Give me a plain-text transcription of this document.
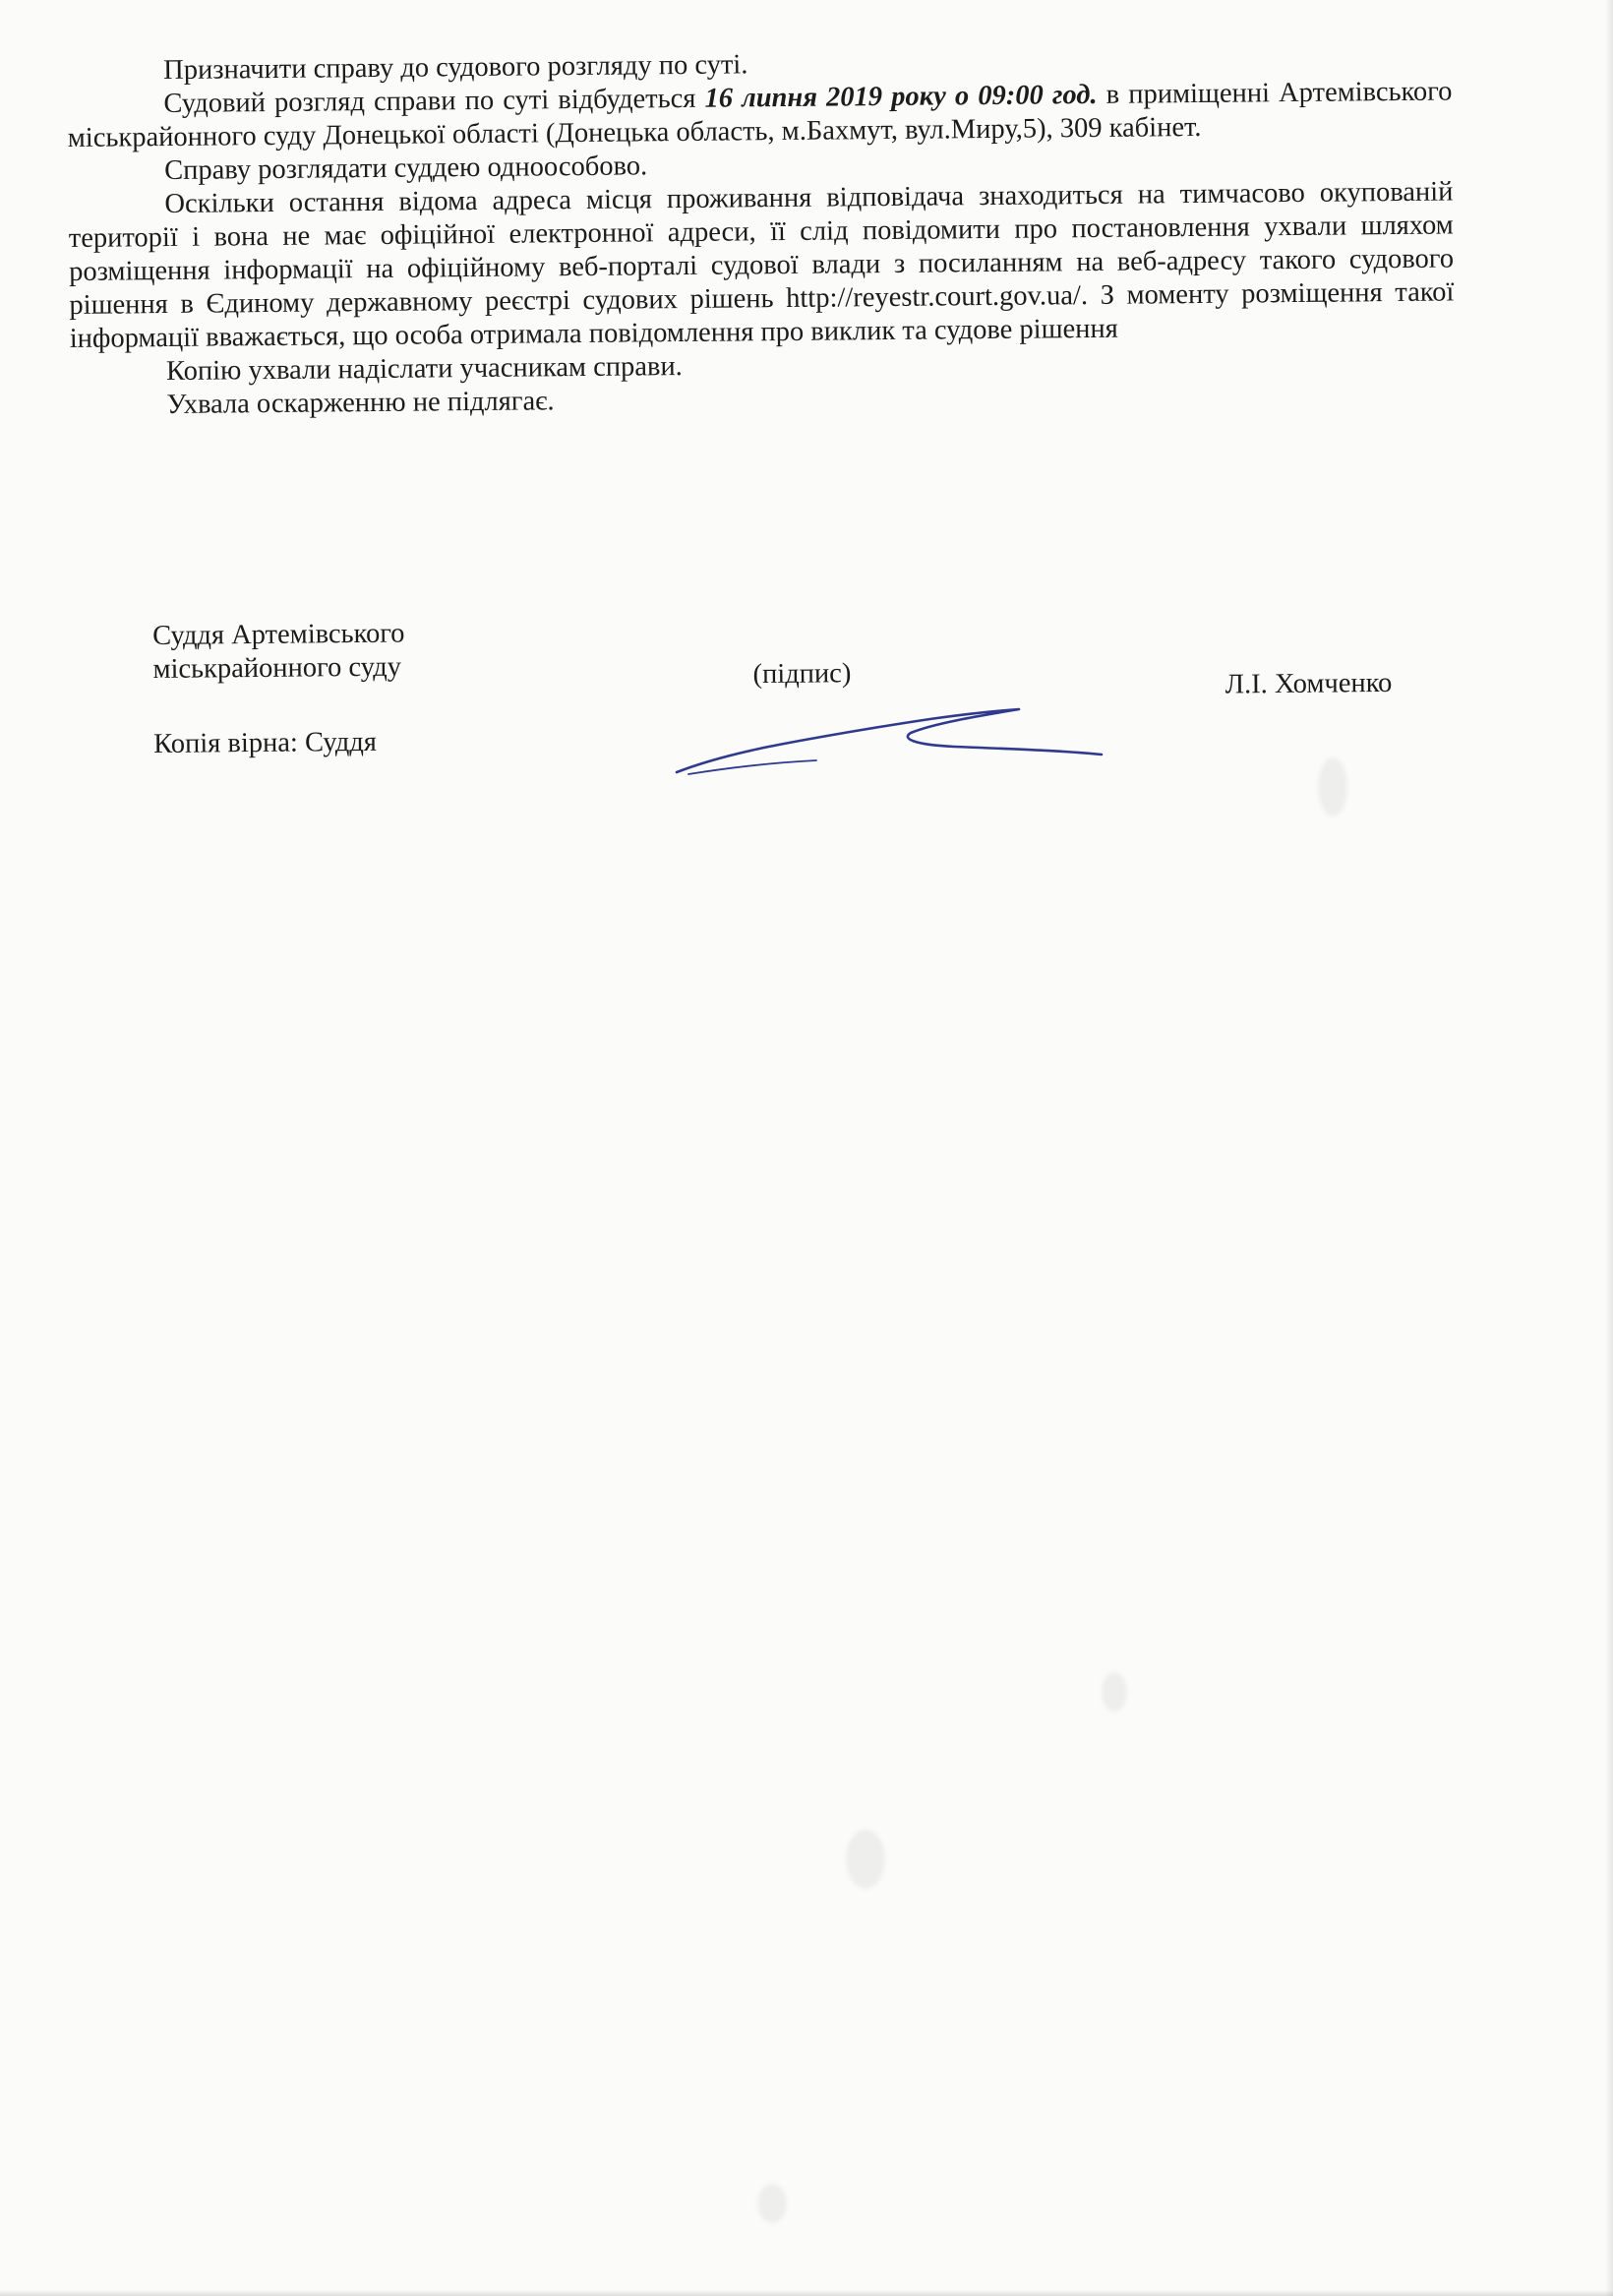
Призначити справу до судового розгляду по суті.

Судовий розгляд справи по суті відбудеться 16 липня 2019 року о 09:00 год. в приміщенні Артемівського міськрайонного суду Донецької області (Донецька область, м.Бахмут, вул.Миру,5), 309 кабінет.

Справу розглядати суддею одноособово.

Оскільки остання відома адреса місця проживання відповідача знаходиться на тимчасово окупованій території і вона не має офіційної електронної адреси, її слід повідомити про постановлення ухвали шляхом розміщення інформації на офіційному веб-порталі судової влади з посиланням на веб-адресу такого судового рішення в Єдиному державному реєстрі судових рішень http://reyestr.court.gov.ua/. З моменту розміщення такої інформації вважається, що особа отримала повідомлення про виклик та судове рішення

Копію ухвали надіслати учасникам справи.

Ухвала оскарженню не підлягає.

Суддя Артемівського
міськрайонного суду	(підпис)	Л.І. Хомченко
Копія вірна: Суддя
